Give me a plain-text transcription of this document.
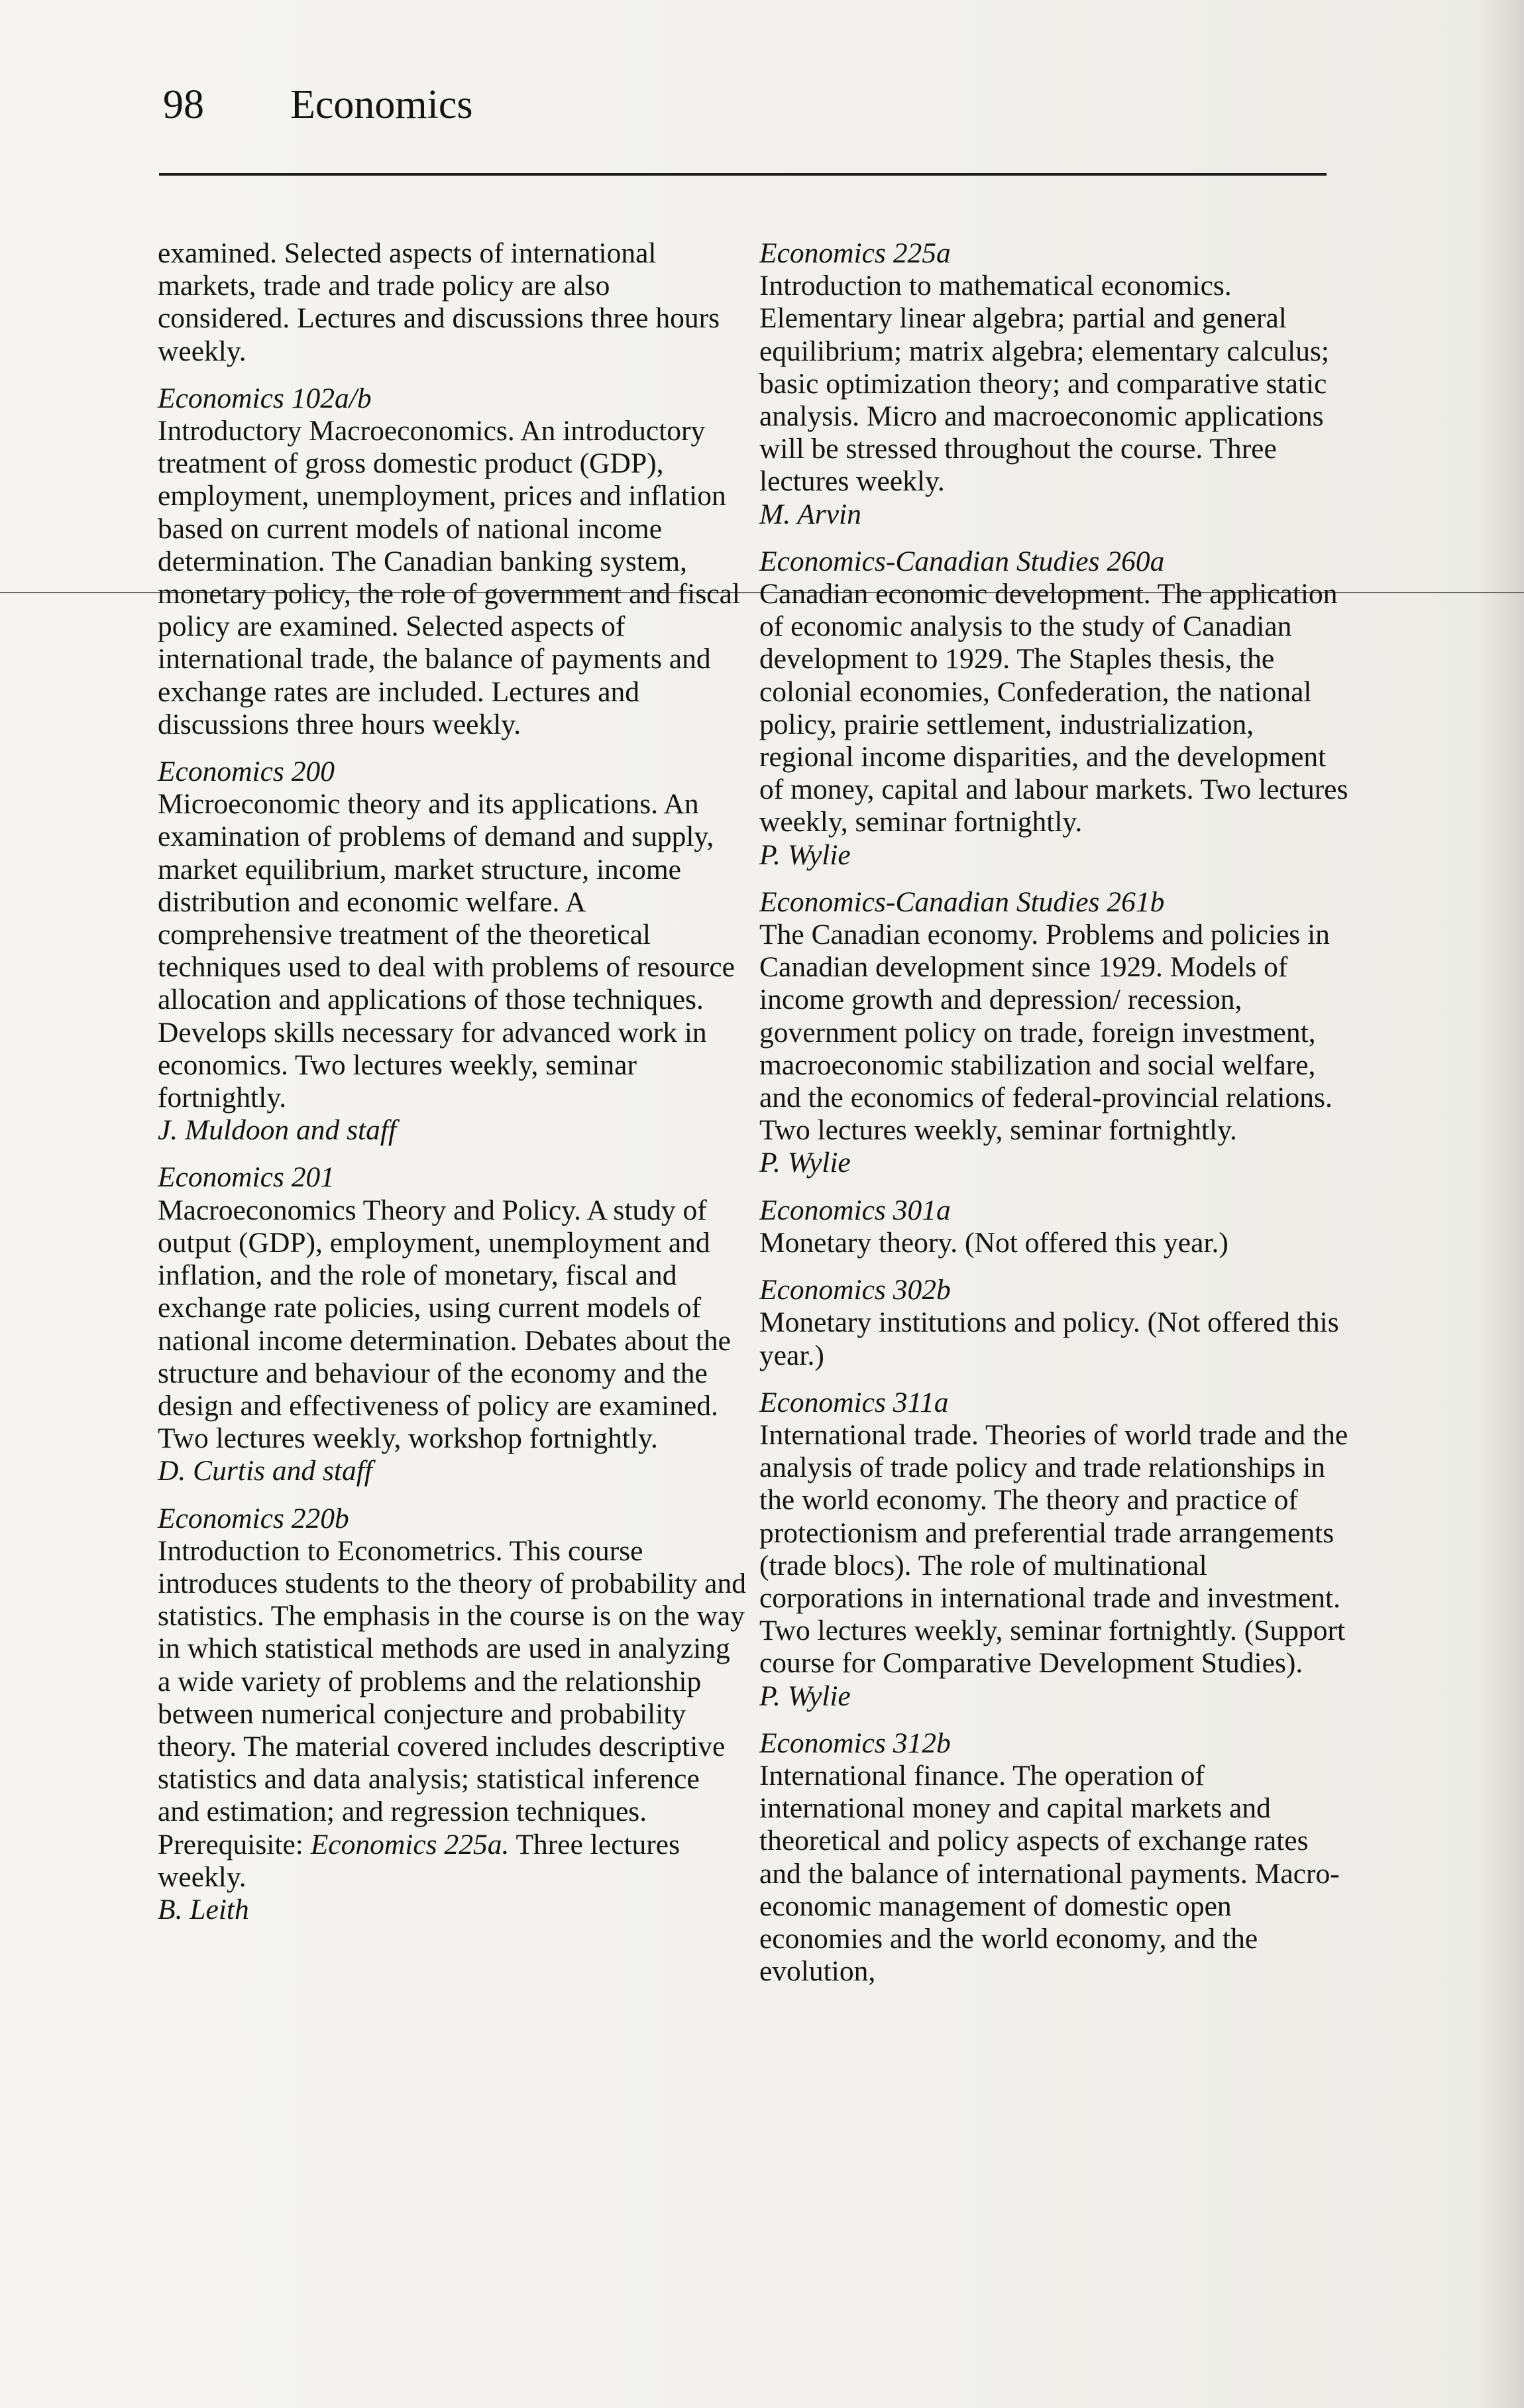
98 Economics

examined. Selected aspects of international markets, trade and trade policy are also considered. Lectures and discussions three hours weekly.

Economics 102a/b

Introductory Macroeconomics. An introductory treatment of gross domestic product (GDP), employment, unemployment, prices and inflation based on current models of national income determination. The Canadian banking system, monetary policy, the role of government and fiscal policy are examined. Selected aspects of international trade, the balance of payments and exchange rates are included. Lectures and discussions three hours weekly.

Economics 200

Microeconomic theory and its applications. An examination of problems of demand and supply, market equilibrium, market structure, income distribution and economic welfare. A comprehensive treatment of the theoretical techniques used to deal with problems of resource allocation and applications of those techniques. Develops skills necessary for advanced work in economics. Two lectures weekly, seminar fortnightly.

J. Muldoon and staff

Economics 201

Macroeconomics Theory and Policy. A study of output (GDP), employment, unemployment and inflation, and the role of monetary, fiscal and exchange rate policies, using current models of national income determination. Debates about the structure and behaviour of the economy and the design and effectiveness of policy are examined. Two lectures weekly, workshop fortnightly.

D. Curtis and staff

Economics 220b

Introduction to Econometrics. This course introduces students to the theory of probability and statistics. The emphasis in the course is on the way in which statistical methods are used in analyzing a wide variety of problems and the relationship between numerical conjecture and probability theory. The material covered includes descriptive statistics and data analysis; statistical inference and estimation; and regression techniques. Prerequisite: Economics 225a. Three lectures weekly.

B. Leith

Economics 225a

Introduction to mathematical economics. Elementary linear algebra; partial and general equilibrium; matrix algebra; elementary calculus; basic optimization theory; and comparative static analysis. Micro and macroeconomic applications will be stressed throughout the course. Three lectures weekly.

M. Arvin

Economics-Canadian Studies 260a

Canadian economic development. The application of economic analysis to the study of Canadian development to 1929. The Staples thesis, the colonial economies, Confederation, the national policy, prairie settlement, industrialization, regional income disparities, and the development of money, capital and labour markets. Two lectures weekly, seminar fortnightly.

P. Wylie

Economics-Canadian Studies 261b

The Canadian economy. Problems and policies in Canadian development since 1929. Models of income growth and depression/ recession, government policy on trade, foreign investment, macroeconomic stabilization and social welfare, and the economics of federal-provincial relations. Two lectures weekly, seminar fortnightly.

P. Wylie

Economics 301a

Monetary theory. (Not offered this year.)

Economics 302b

Monetary institutions and policy. (Not offered this year.)

Economics 311a

International trade. Theories of world trade and the analysis of trade policy and trade relationships in the world economy. The theory and practice of protectionism and preferential trade arrangements (trade blocs). The role of multinational corporations in international trade and investment. Two lectures weekly, seminar fortnightly. (Support course for Comparative Development Studies).

P. Wylie

Economics 312b

International finance. The operation of international money and capital markets and theoretical and policy aspects of exchange rates and the balance of international payments. Macro-economic management of domestic open economies and the world economy, and the evolution,
